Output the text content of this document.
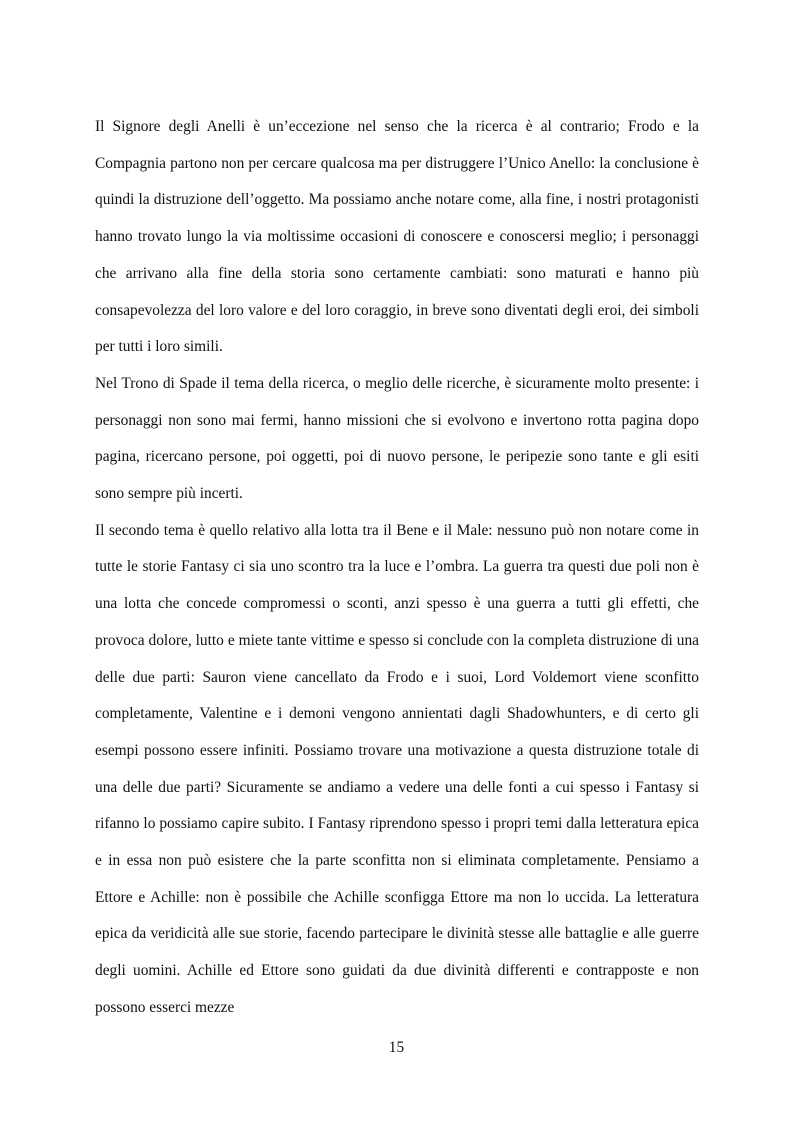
Il Signore degli Anelli è un’eccezione nel senso che la ricerca è al contrario; Frodo e la Compagnia partono non per cercare qualcosa ma per distruggere l’Unico Anello: la conclusione è quindi la distruzione dell’oggetto. Ma possiamo anche notare come, alla fine, i nostri protagonisti hanno trovato lungo la via moltissime occasioni di conoscere e conoscersi meglio; i personaggi che arrivano alla fine della storia sono certamente cambiati: sono maturati e hanno più consapevolezza del loro valore e del loro coraggio, in breve sono diventati degli eroi, dei simboli per tutti i loro simili.

Nel Trono di Spade il tema della ricerca, o meglio delle ricerche, è sicuramente molto presente: i personaggi non sono mai fermi, hanno missioni che si evolvono e invertono rotta pagina dopo pagina, ricercano persone, poi oggetti, poi di nuovo persone, le peripezie sono tante e gli esiti sono sempre più incerti.

Il secondo tema è quello relativo alla lotta tra il Bene e il Male: nessuno può non notare come in tutte le storie Fantasy ci sia uno scontro tra la luce e l’ombra. La guerra tra questi due poli non è una lotta che concede compromessi o sconti, anzi spesso è una guerra a tutti gli effetti, che provoca dolore, lutto e miete tante vittime e spesso si conclude con la completa distruzione di una delle due parti: Sauron viene cancellato da Frodo e i suoi, Lord Voldemort viene sconfitto completamente, Valentine e i demoni vengono annientati dagli Shadowhunters, e di certo gli esempi possono essere infiniti. Possiamo trovare una motivazione a questa distruzione totale di una delle due parti? Sicuramente se andiamo a vedere una delle fonti a cui spesso i Fantasy si rifanno lo possiamo capire subito. I Fantasy riprendono spesso i propri temi dalla letteratura epica e in essa non può esistere che la parte sconfitta non si eliminata completamente. Pensiamo a Ettore e Achille: non è possibile che Achille sconfigga Ettore ma non lo uccida. La letteratura epica da veridicità alle sue storie, facendo partecipare le divinità stesse alle battaglie e alle guerre degli uomini. Achille ed Ettore sono guidati da due divinità differenti e contrapposte e non possono esserci mezze

15
